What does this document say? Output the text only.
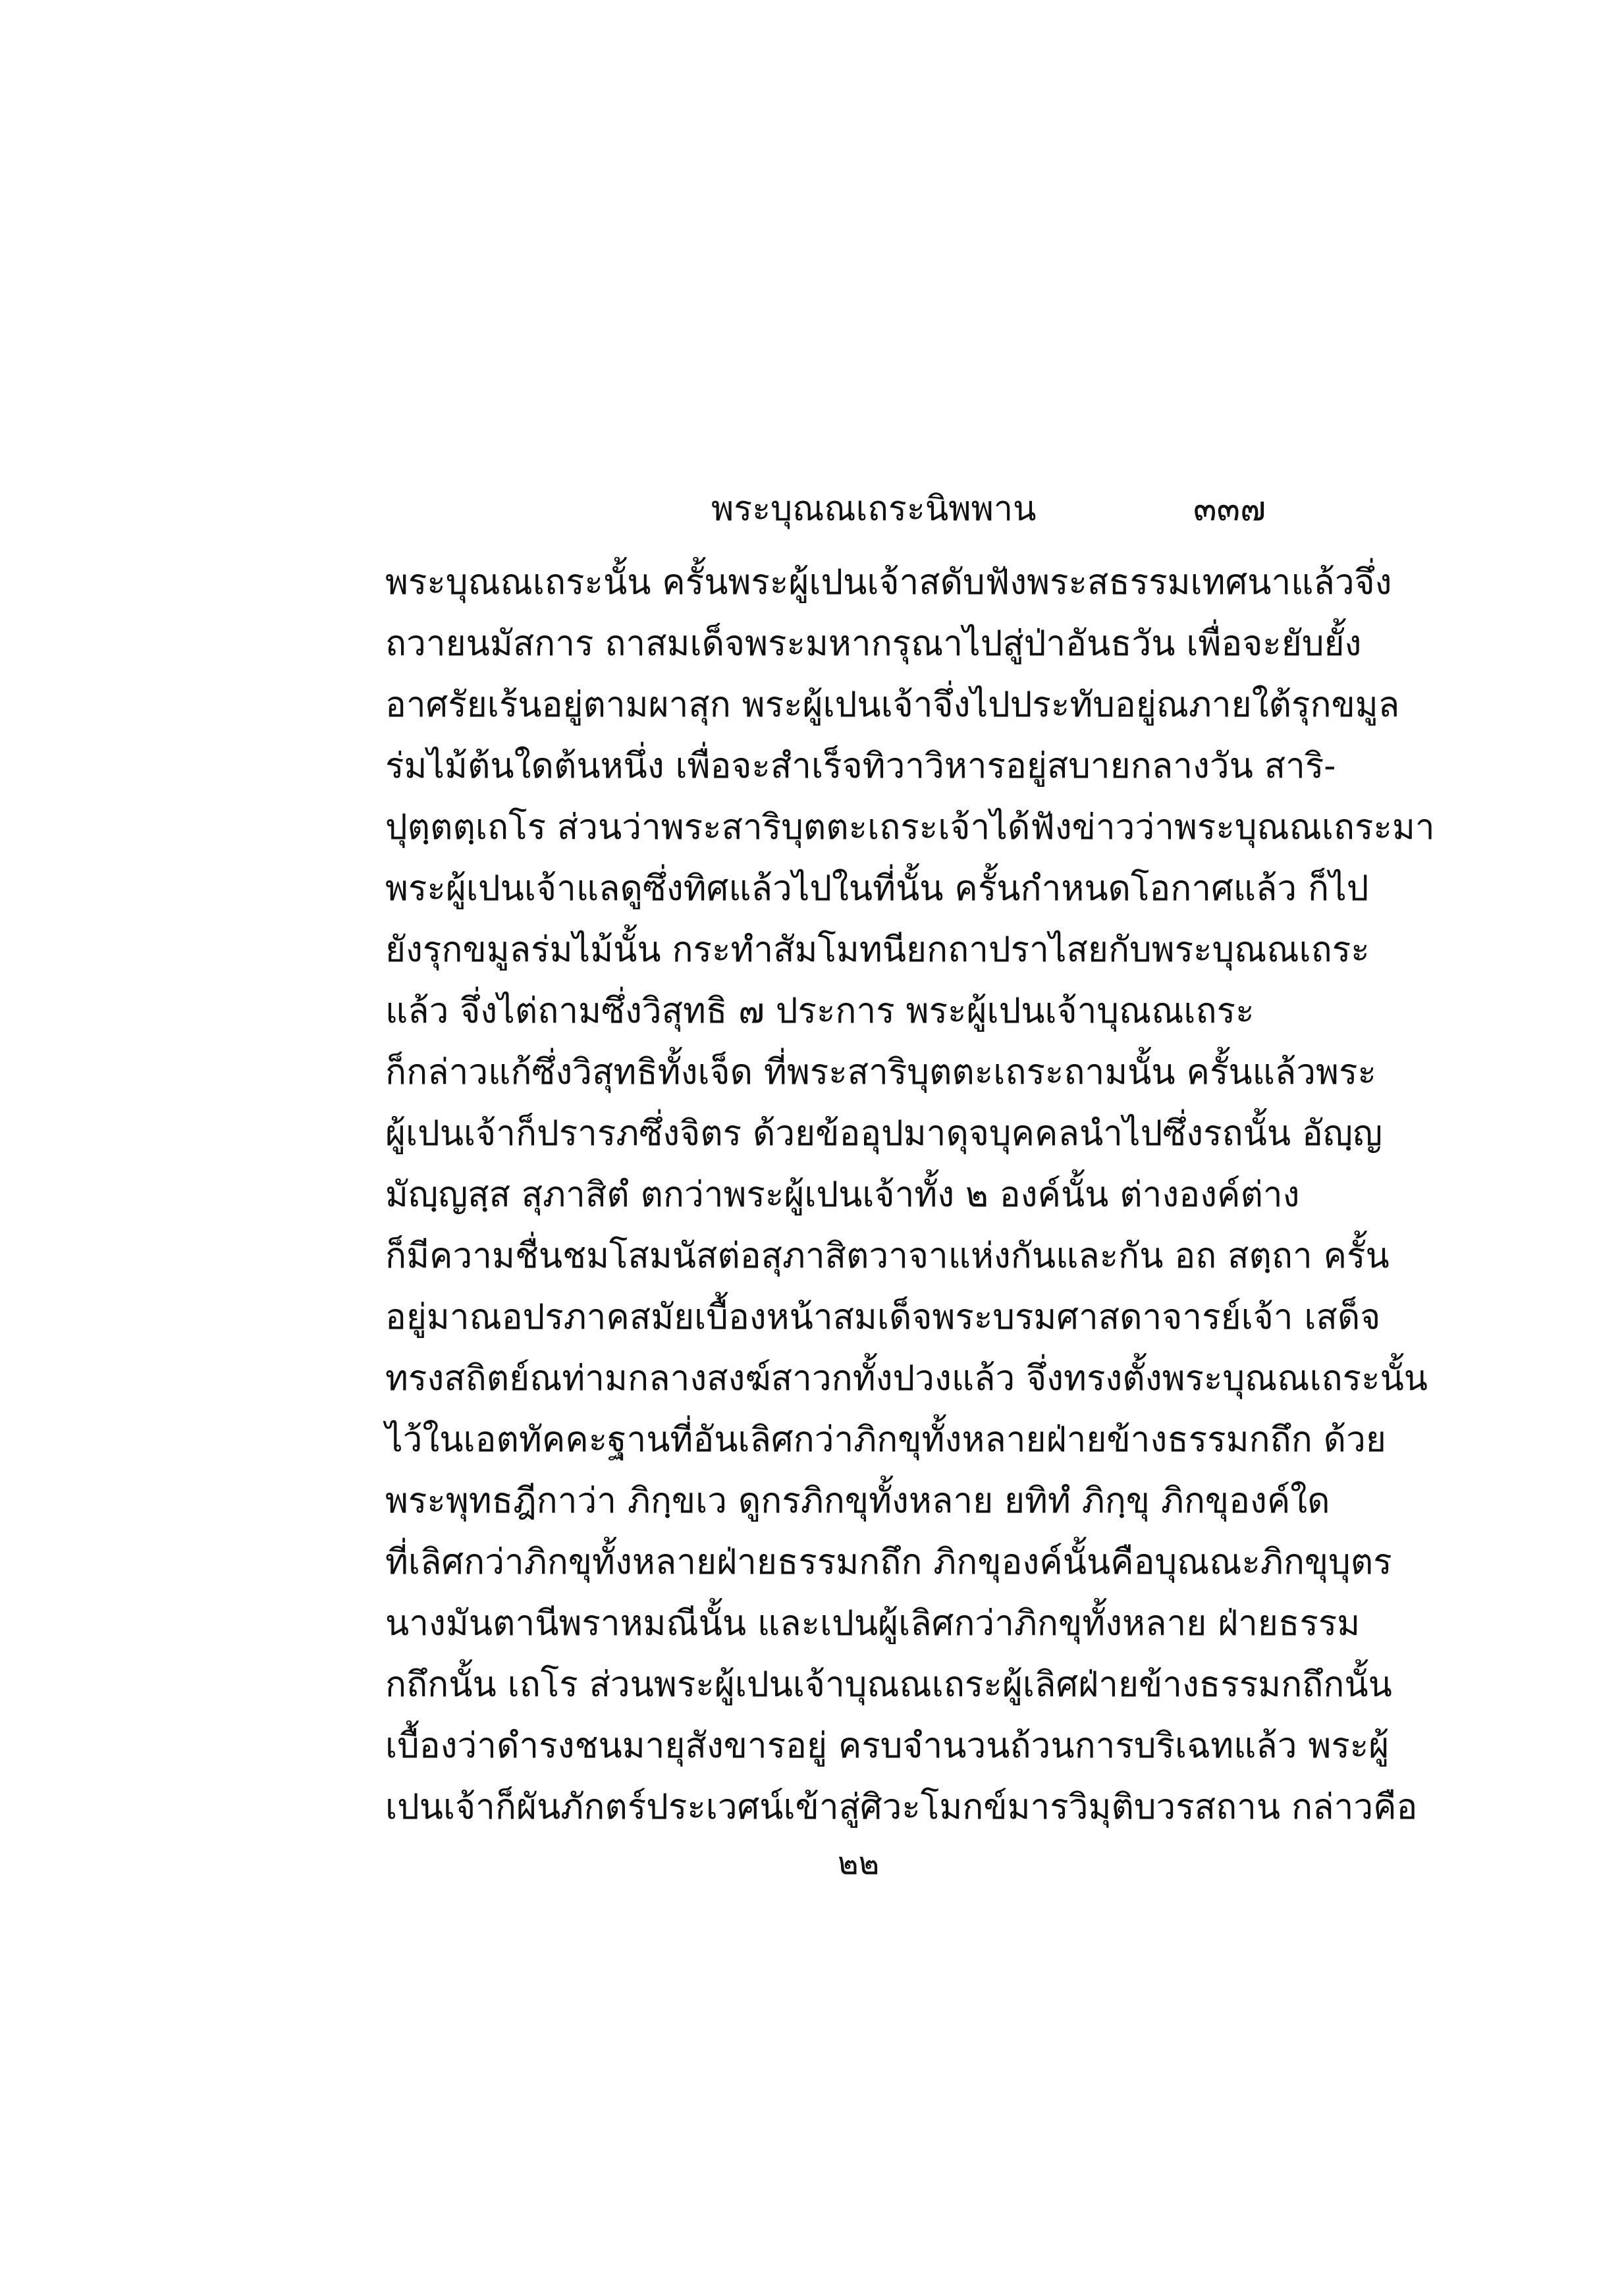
พระบุณณเถระนิพพาน	๓๓๗
พระบุณณเถระนั้น ครั้นพระผู้เปนเจ้าสดับฟังพระสธรรมเทศนาแล้วจึ่ง
ถวายนมัสการ ถาสมเด็จพระมหากรุณาไปสู่ป่าอันธวัน เพื่อจะยับยั้ง
อาศรัยเร้นอยู่ตามผาสุก พระผู้เปนเจ้าจึ่งไปประทับอยู่ณภายใต้รุกขมูล
ร่มไม้ต้นใดต้นหนึ่ง เพื่อจะสำเร็จทิวาวิหารอยู่สบายกลางวัน สาริ-
ปุตฺตตฺเถโร ส่วนว่าพระสาริบุตตะเถระเจ้าได้ฟังข่าวว่าพระบุณณเถระมา
พระผู้เปนเจ้าแลดูซึ่งทิศแล้วไปในที่นั้น ครั้นกำหนดโอกาศแล้ว ก็ไป
ยังรุกขมูลร่มไม้นั้น กระทำสัมโมทนียกถาปราไสยกับพระบุณณเถระ
แล้ว จึ่งไต่ถามซึ่งวิสุทธิ ๗ ประการ พระผู้เปนเจ้าบุณณเถระ
ก็กล่าวแก้ซึ่งวิสุทธิทั้งเจ็ด ที่พระสาริบุตตะเถระถามนั้น ครั้นแล้วพระ
ผู้เปนเจ้าก็ปรารภซึ่งจิตร ด้วยข้ออุปมาดุจบุคคลนำไปซึ่งรถนั้น อัญฺญ
มัญฺญสฺส สุภาสิตํ ตกว่าพระผู้เปนเจ้าทั้ง ๒ องค์นั้น ต่างองค์ต่าง
ก็มีความชื่นชมโสมนัสต่อสุภาสิตวาจาแห่งกันและกัน อถ สตฺถา ครั้น
อยู่มาณอปรภาคสมัยเบื้องหน้าสมเด็จพระบรมศาสดาจารย์เจ้า เสด็จ
ทรงสถิตย์ณท่ามกลางสงฆ์สาวกทั้งปวงแล้ว จึ่งทรงตั้งพระบุณณเถระนั้น
ไว้ในเอตทัคคะฐานที่อันเลิศกว่าภิกขุทั้งหลายฝ่ายข้างธรรมกถึก ด้วย
พระพุทธฎีกาว่า ภิกฺขเว ดูกรภิกขุทั้งหลาย ยทิทํ ภิกฺขุ ภิกขุองค์ใด
ที่เลิศกว่าภิกขุทั้งหลายฝ่ายธรรมกถึก ภิกขุองค์นั้นคือบุณณะภิกขุบุตร
นางมันตานีพราหมณีนั้น และเปนผู้เลิศกว่าภิกขุทั้งหลาย ฝ่ายธรรม
กถึกนั้น เถโร ส่วนพระผู้เปนเจ้าบุณณเถระผู้เลิศฝ่ายข้างธรรมกถึกนั้น
เบื้องว่าดำรงชนมายุสังขารอยู่ ครบจำนวนถ้วนการบริเฉทแล้ว พระผู้
เปนเจ้าก็ผันภักตร์ประเวศน์เข้าสู่ศิวะโมกข์มารวิมุติบวรสถาน กล่าวคือ
๒๒
